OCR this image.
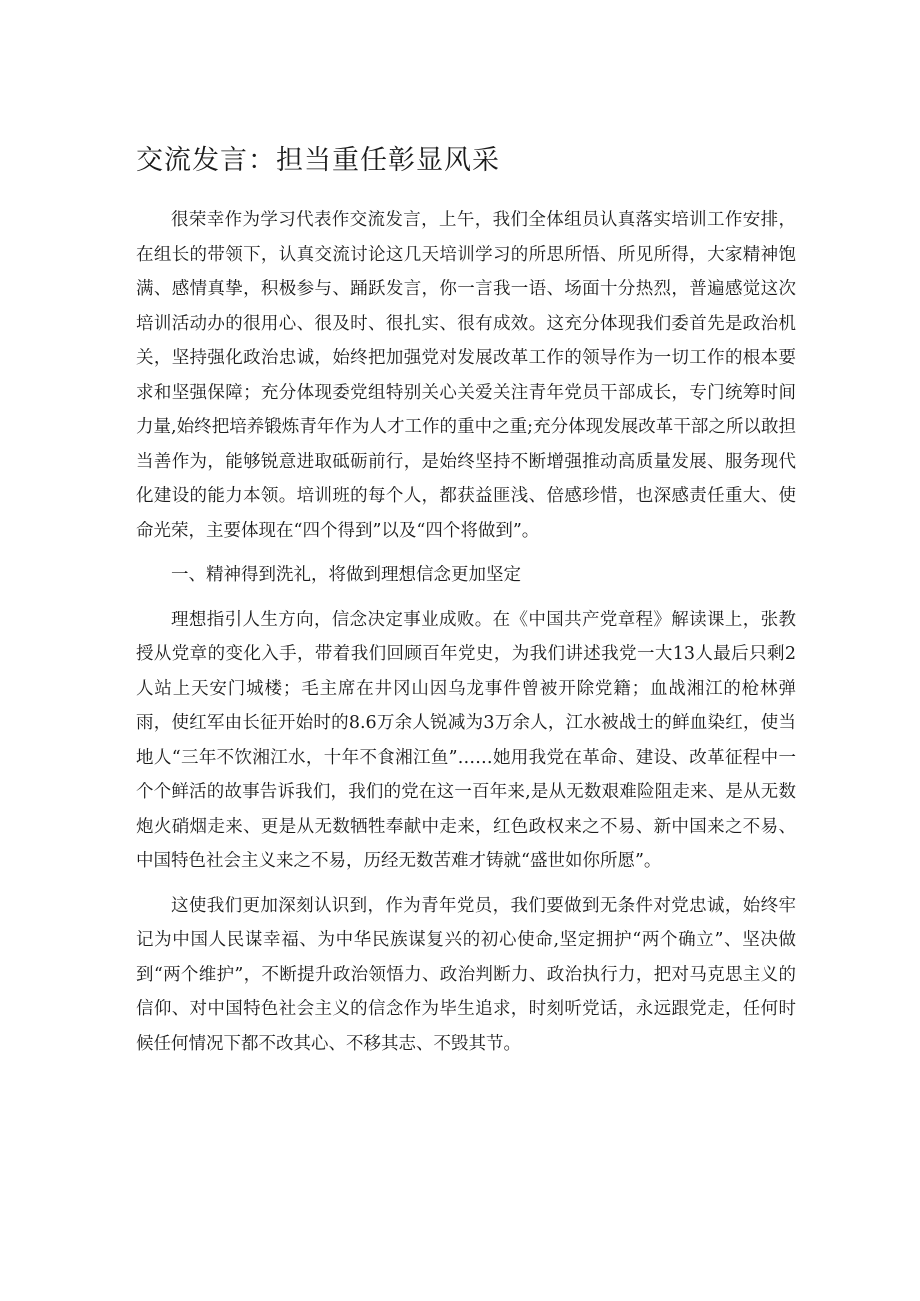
交流发言：担当重任彰显风采

很荣幸作为学习代表作交流发言，上午，我们全体组员认真落实培训工作安排，在组长的带领下，认真交流讨论这几天培训学习的所思所悟、所见所得，大家精神饱满、感情真挚，积极参与、踊跃发言，你一言我一语、场面十分热烈，普遍感觉这次培训活动办的很用心、很及时、很扎实、很有成效。这充分体现我们委首先是政治机关，坚持强化政治忠诚，始终把加强党对发展改革工作的领导作为一切工作的根本要求和坚强保障；充分体现委党组特别关心关爱关注青年党员干部成长，专门统筹时间力量,始终把培养锻炼青年作为人才工作的重中之重;充分体现发展改革干部之所以敢担当善作为，能够锐意进取砥砺前行，是始终坚持不断增强推动高质量发展、服务现代化建设的能力本领。培训班的每个人，都获益匪浅、倍感珍惜，也深感责任重大、使命光荣，主要体现在“四个得到”以及“四个将做到”。

一、精神得到洗礼，将做到理想信念更加坚定

理想指引人生方向，信念决定事业成败。在《中国共产党章程》解读课上，张教授从党章的变化入手，带着我们回顾百年党史，为我们讲述我党一大13人最后只剩2人站上天安门城楼；毛主席在井冈山因乌龙事件曾被开除党籍；血战湘江的枪林弹雨，使红军由长征开始时的8.6万余人锐减为3万余人，江水被战士的鲜血染红，使当地人“三年不饮湘江水，十年不食湘江鱼”……她用我党在革命、建设、改革征程中一个个鲜活的故事告诉我们，我们的党在这一百年来,是从无数艰难险阻走来、是从无数炮火硝烟走来、更是从无数牺牲奉献中走来，红色政权来之不易、新中国来之不易、中国特色社会主义来之不易，历经无数苦难才铸就“盛世如你所愿”。

这使我们更加深刻认识到，作为青年党员，我们要做到无条件对党忠诚，始终牢记为中国人民谋幸福、为中华民族谋复兴的初心使命,坚定拥护“两个确立”、坚决做到“两个维护”，不断提升政治领悟力、政治判断力、政治执行力，把对马克思主义的信仰、对中国特色社会主义的信念作为毕生追求，时刻听党话，永远跟党走，任何时候任何情况下都不改其心、不移其志、不毁其节。
